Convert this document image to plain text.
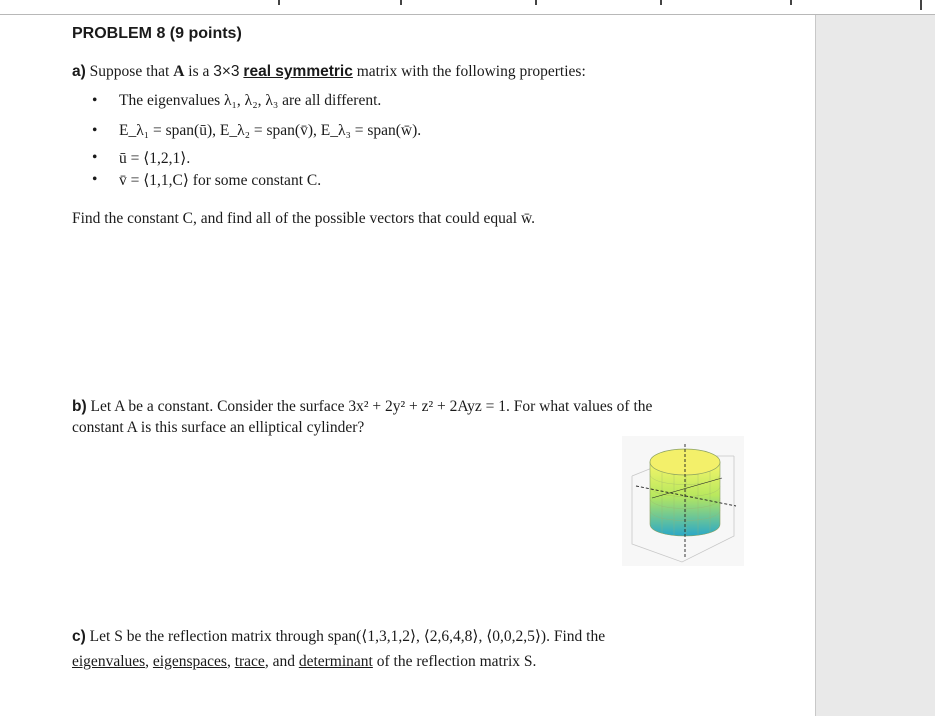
PROBLEM 8 (9 points)
a) Suppose that A is a 3×3 real symmetric matrix with the following properties:
The eigenvalues λ₁, λ₂, λ₃ are all different.
E_λ₁ = span(ū), E_λ₂ = span(v̄), E_λ₃ = span(w̄).
ū = ⟨1,2,1⟩.
v̄ = ⟨1,1,C⟩ for some constant C.
Find the constant C, and find all of the possible vectors that could equal w̄.
b) Let A be a constant. Consider the surface 3x² + 2y² + z² + 2Ayz = 1. For what values of the
constant A is this surface an elliptical cylinder?
c) Let S be the reflection matrix through span(⟨1,3,1,2⟩, ⟨2,6,4,8⟩, ⟨0,0,2,5⟩). Find the
eigenvalues, eigenspaces, trace, and determinant of the reflection matrix S.
